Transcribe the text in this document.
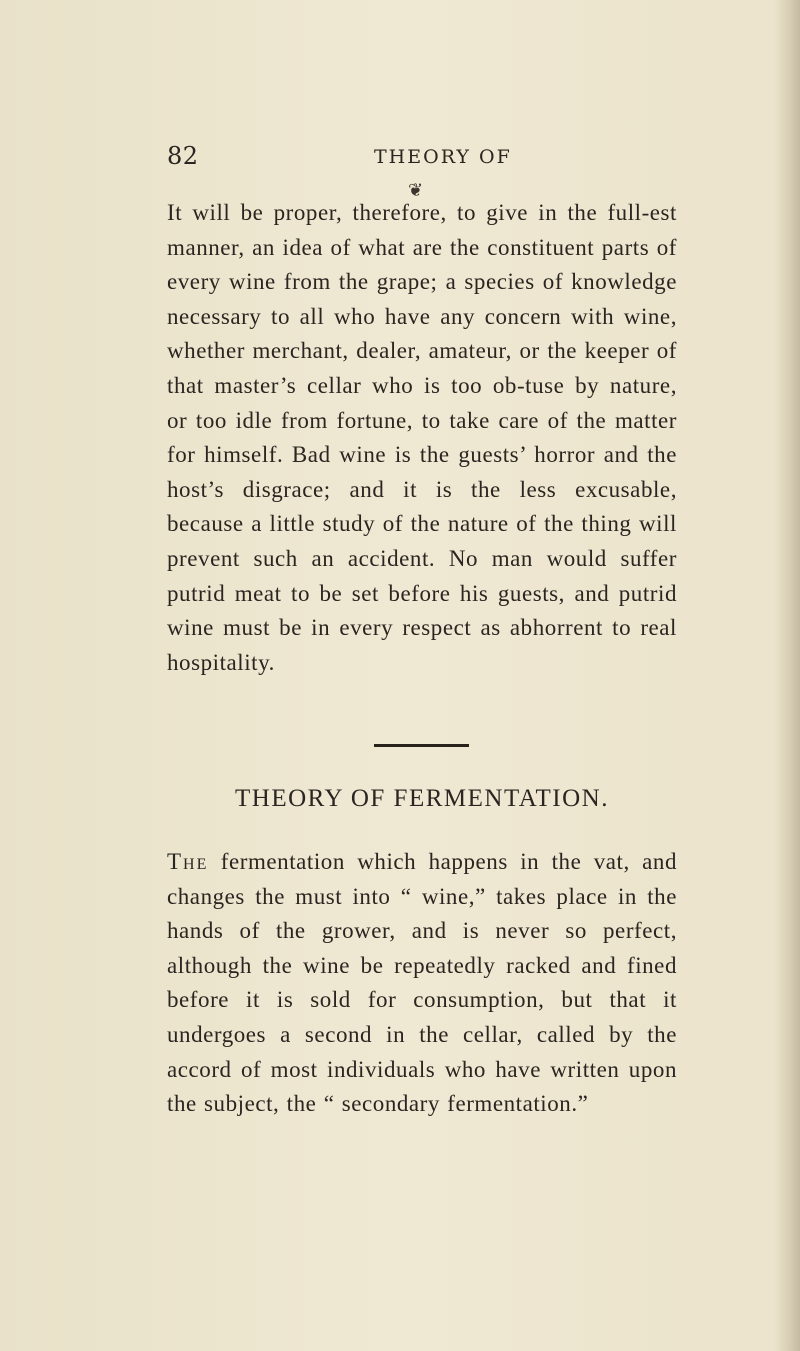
82	THEORY OF
❦

It will be proper, therefore, to give in the full-est manner, an idea of what are the constituent parts of every wine from the grape; a species of knowledge necessary to all who have any concern with wine, whether merchant, dealer, amateur, or the keeper of that master’s cellar who is too ob-tuse by nature, or too idle from fortune, to take care of the matter for himself. Bad wine is the guests’ horror and the host’s disgrace; and it is the less excusable, because a little study of the nature of the thing will prevent such an accident. No man would suffer putrid meat to be set before his guests, and putrid wine must be in every respect as abhorrent to real hospitality.

THEORY OF FERMENTATION.

The fermentation which happens in the vat, and changes the must into “ wine,” takes place in the hands of the grower, and is never so perfect, although the wine be repeatedly racked and fined before it is sold for consumption, but that it undergoes a second in the cellar, called by the accord of most individuals who have written upon the subject, the “ secondary fermentation.”
